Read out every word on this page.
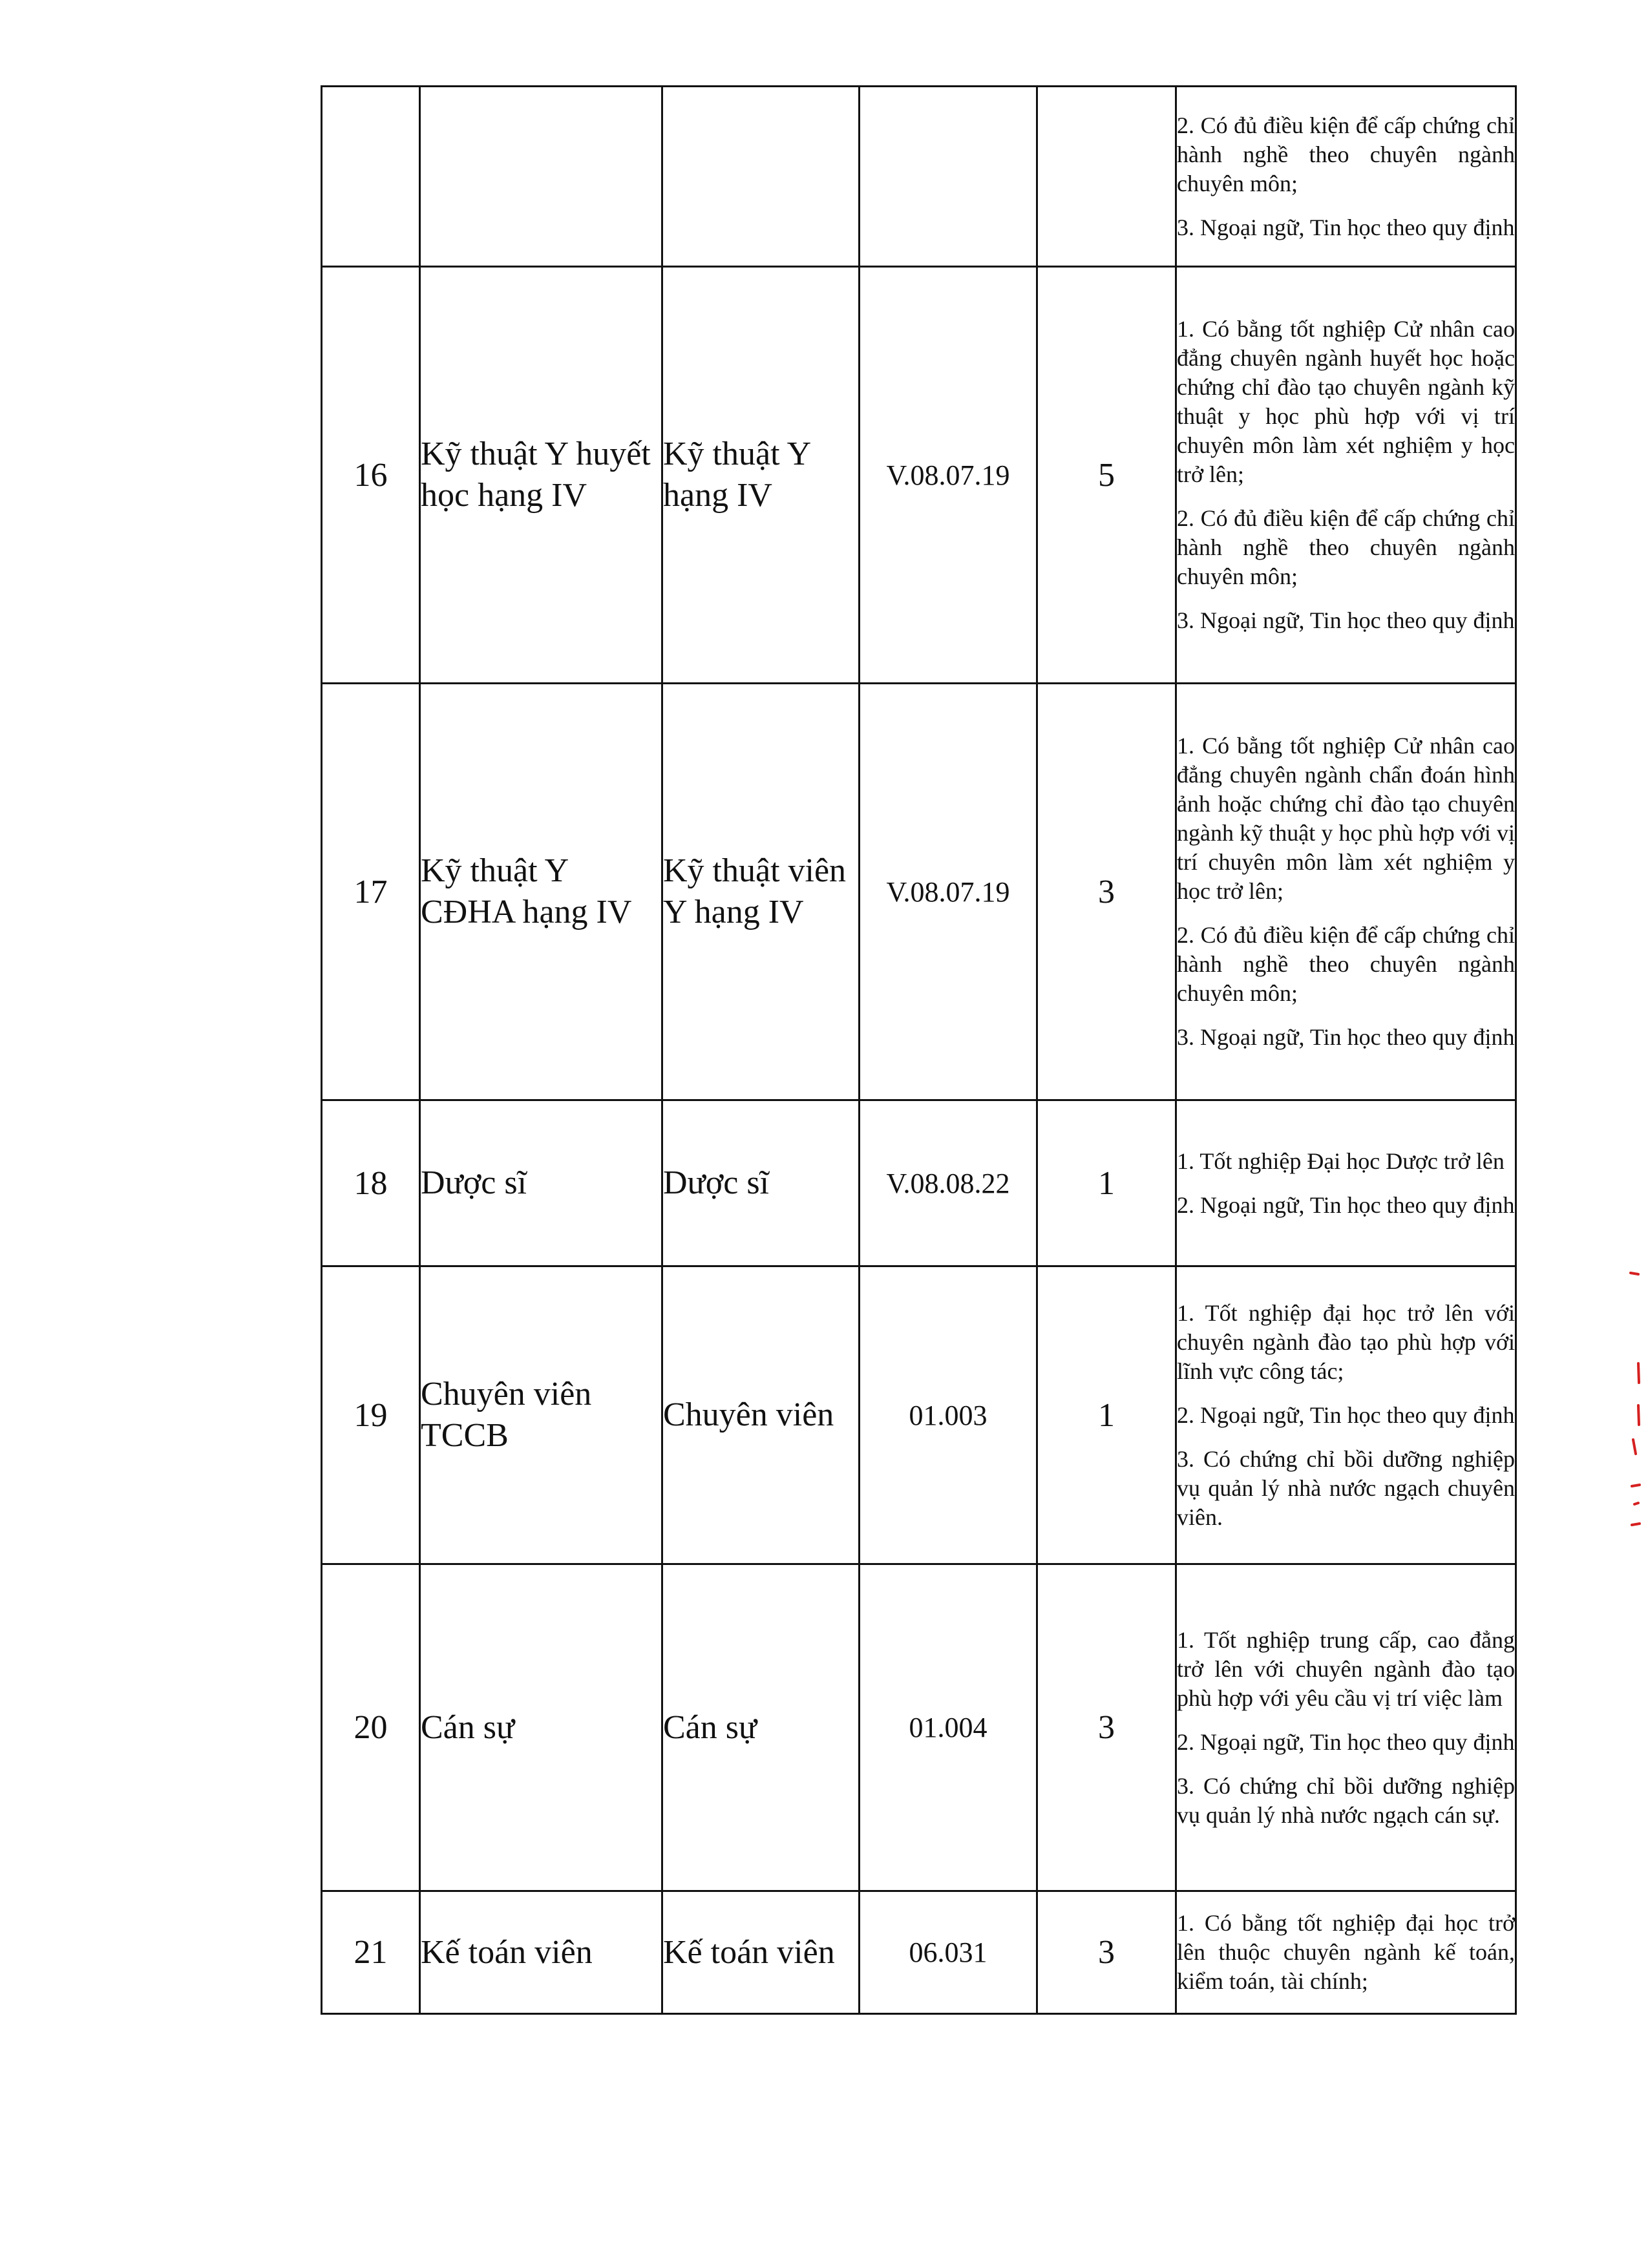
					2. Có đủ điều kiện để cấp chứng chỉ hành nghề theo chuyên ngành chuyên môn;

3. Ngoại ngữ, Tin học theo quy định

16	Kỹ thuật Y huyết học hạng IV	Kỹ thuật Y hạng IV	V.08.07.19	5	1. Có bằng tốt nghiệp Cử nhân cao đẳng chuyên ngành huyết học hoặc chứng chỉ đào tạo chuyên ngành kỹ thuật y học phù hợp với vị trí chuyên môn làm xét nghiệm y học trở lên;

2. Có đủ điều kiện để cấp chứng chỉ hành nghề theo chuyên ngành chuyên môn;

3. Ngoại ngữ, Tin học theo quy định

17	Kỹ thuật Y CĐHA hạng IV	Kỹ thuật viên Y hạng IV	V.08.07.19	3	1. Có bằng tốt nghiệp Cử nhân cao đẳng chuyên ngành chẩn đoán hình ảnh hoặc chứng chỉ đào tạo chuyên ngành kỹ thuật y học phù hợp với vị trí chuyên môn làm xét nghiệm y học trở lên;

2. Có đủ điều kiện để cấp chứng chỉ hành nghề theo chuyên ngành chuyên môn;

3. Ngoại ngữ, Tin học theo quy định

18	Dược sĩ	Dược sĩ	V.08.08.22	1	1. Tốt nghiệp Đại học Dược trở lên

2. Ngoại ngữ, Tin học theo quy định

19	Chuyên viên TCCB	Chuyên viên	01.003	1	1. Tốt nghiệp đại học trở lên với chuyên ngành đào tạo phù hợp với lĩnh vực công tác;

2. Ngoại ngữ, Tin học theo quy định

3. Có chứng chỉ bồi dưỡng nghiệp vụ quản lý nhà nước ngạch chuyên viên.

20	Cán sự	Cán sự	01.004	3	1. Tốt nghiệp trung cấp, cao đẳng trở lên với chuyên ngành đào tạo phù hợp với yêu cầu vị trí việc làm

2. Ngoại ngữ, Tin học theo quy định

3. Có chứng chỉ bồi dưỡng nghiệp vụ quản lý nhà nước ngạch cán sự.

21	Kế toán viên	Kế toán viên	06.031	3	1. Có bằng tốt nghiệp đại học trở lên thuộc chuyên ngành kế toán, kiểm toán, tài chính;
